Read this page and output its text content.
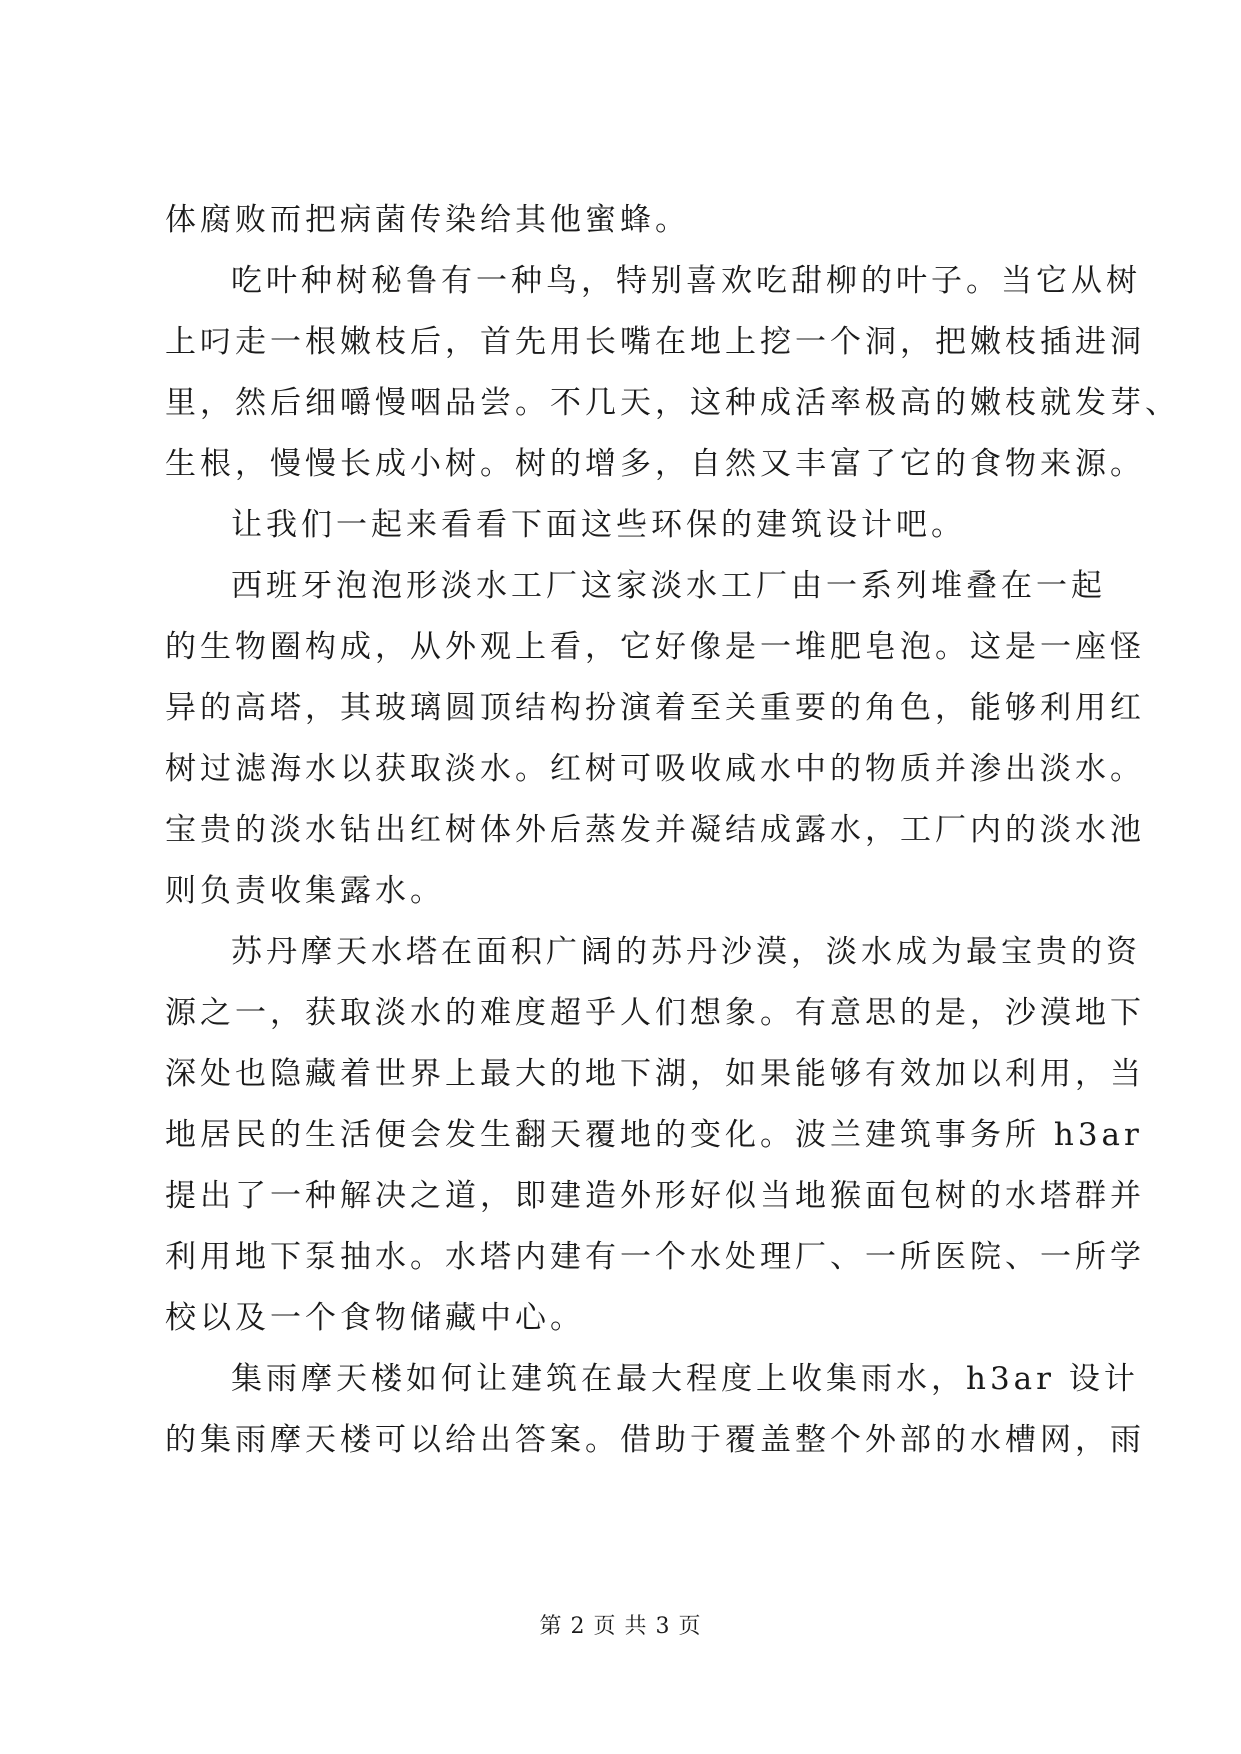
体腐败而把病菌传染给其他蜜蜂。

吃叶种树秘鲁有一种鸟，特别喜欢吃甜柳的叶子。当它从树

上叼走一根嫩枝后，首先用长嘴在地上挖一个洞，把嫩枝插进洞

里，然后细嚼慢咽品尝。不几天，这种成活率极高的嫩枝就发芽、

生根，慢慢长成小树。树的增多，自然又丰富了它的食物来源。

让我们一起来看看下面这些环保的建筑设计吧。

西班牙泡泡形淡水工厂这家淡水工厂由一系列堆叠在一起

的生物圈构成，从外观上看，它好像是一堆肥皂泡。这是一座怪

异的高塔，其玻璃圆顶结构扮演着至关重要的角色，能够利用红

树过滤海水以获取淡水。红树可吸收咸水中的物质并渗出淡水。

宝贵的淡水钻出红树体外后蒸发并凝结成露水，工厂内的淡水池

则负责收集露水。

苏丹摩天水塔在面积广阔的苏丹沙漠，淡水成为最宝贵的资

源之一，获取淡水的难度超乎人们想象。有意思的是，沙漠地下

深处也隐藏着世界上最大的地下湖，如果能够有效加以利用，当

地居民的生活便会发生翻天覆地的变化。波兰建筑事务所 h3ar

提出了一种解决之道，即建造外形好似当地猴面包树的水塔群并

利用地下泵抽水。水塔内建有一个水处理厂、一所医院、一所学

校以及一个食物储藏中心。

集雨摩天楼如何让建筑在最大程度上收集雨水，h3ar 设计

的集雨摩天楼可以给出答案。借助于覆盖整个外部的水槽网，雨

第 2 页 共 3 页
